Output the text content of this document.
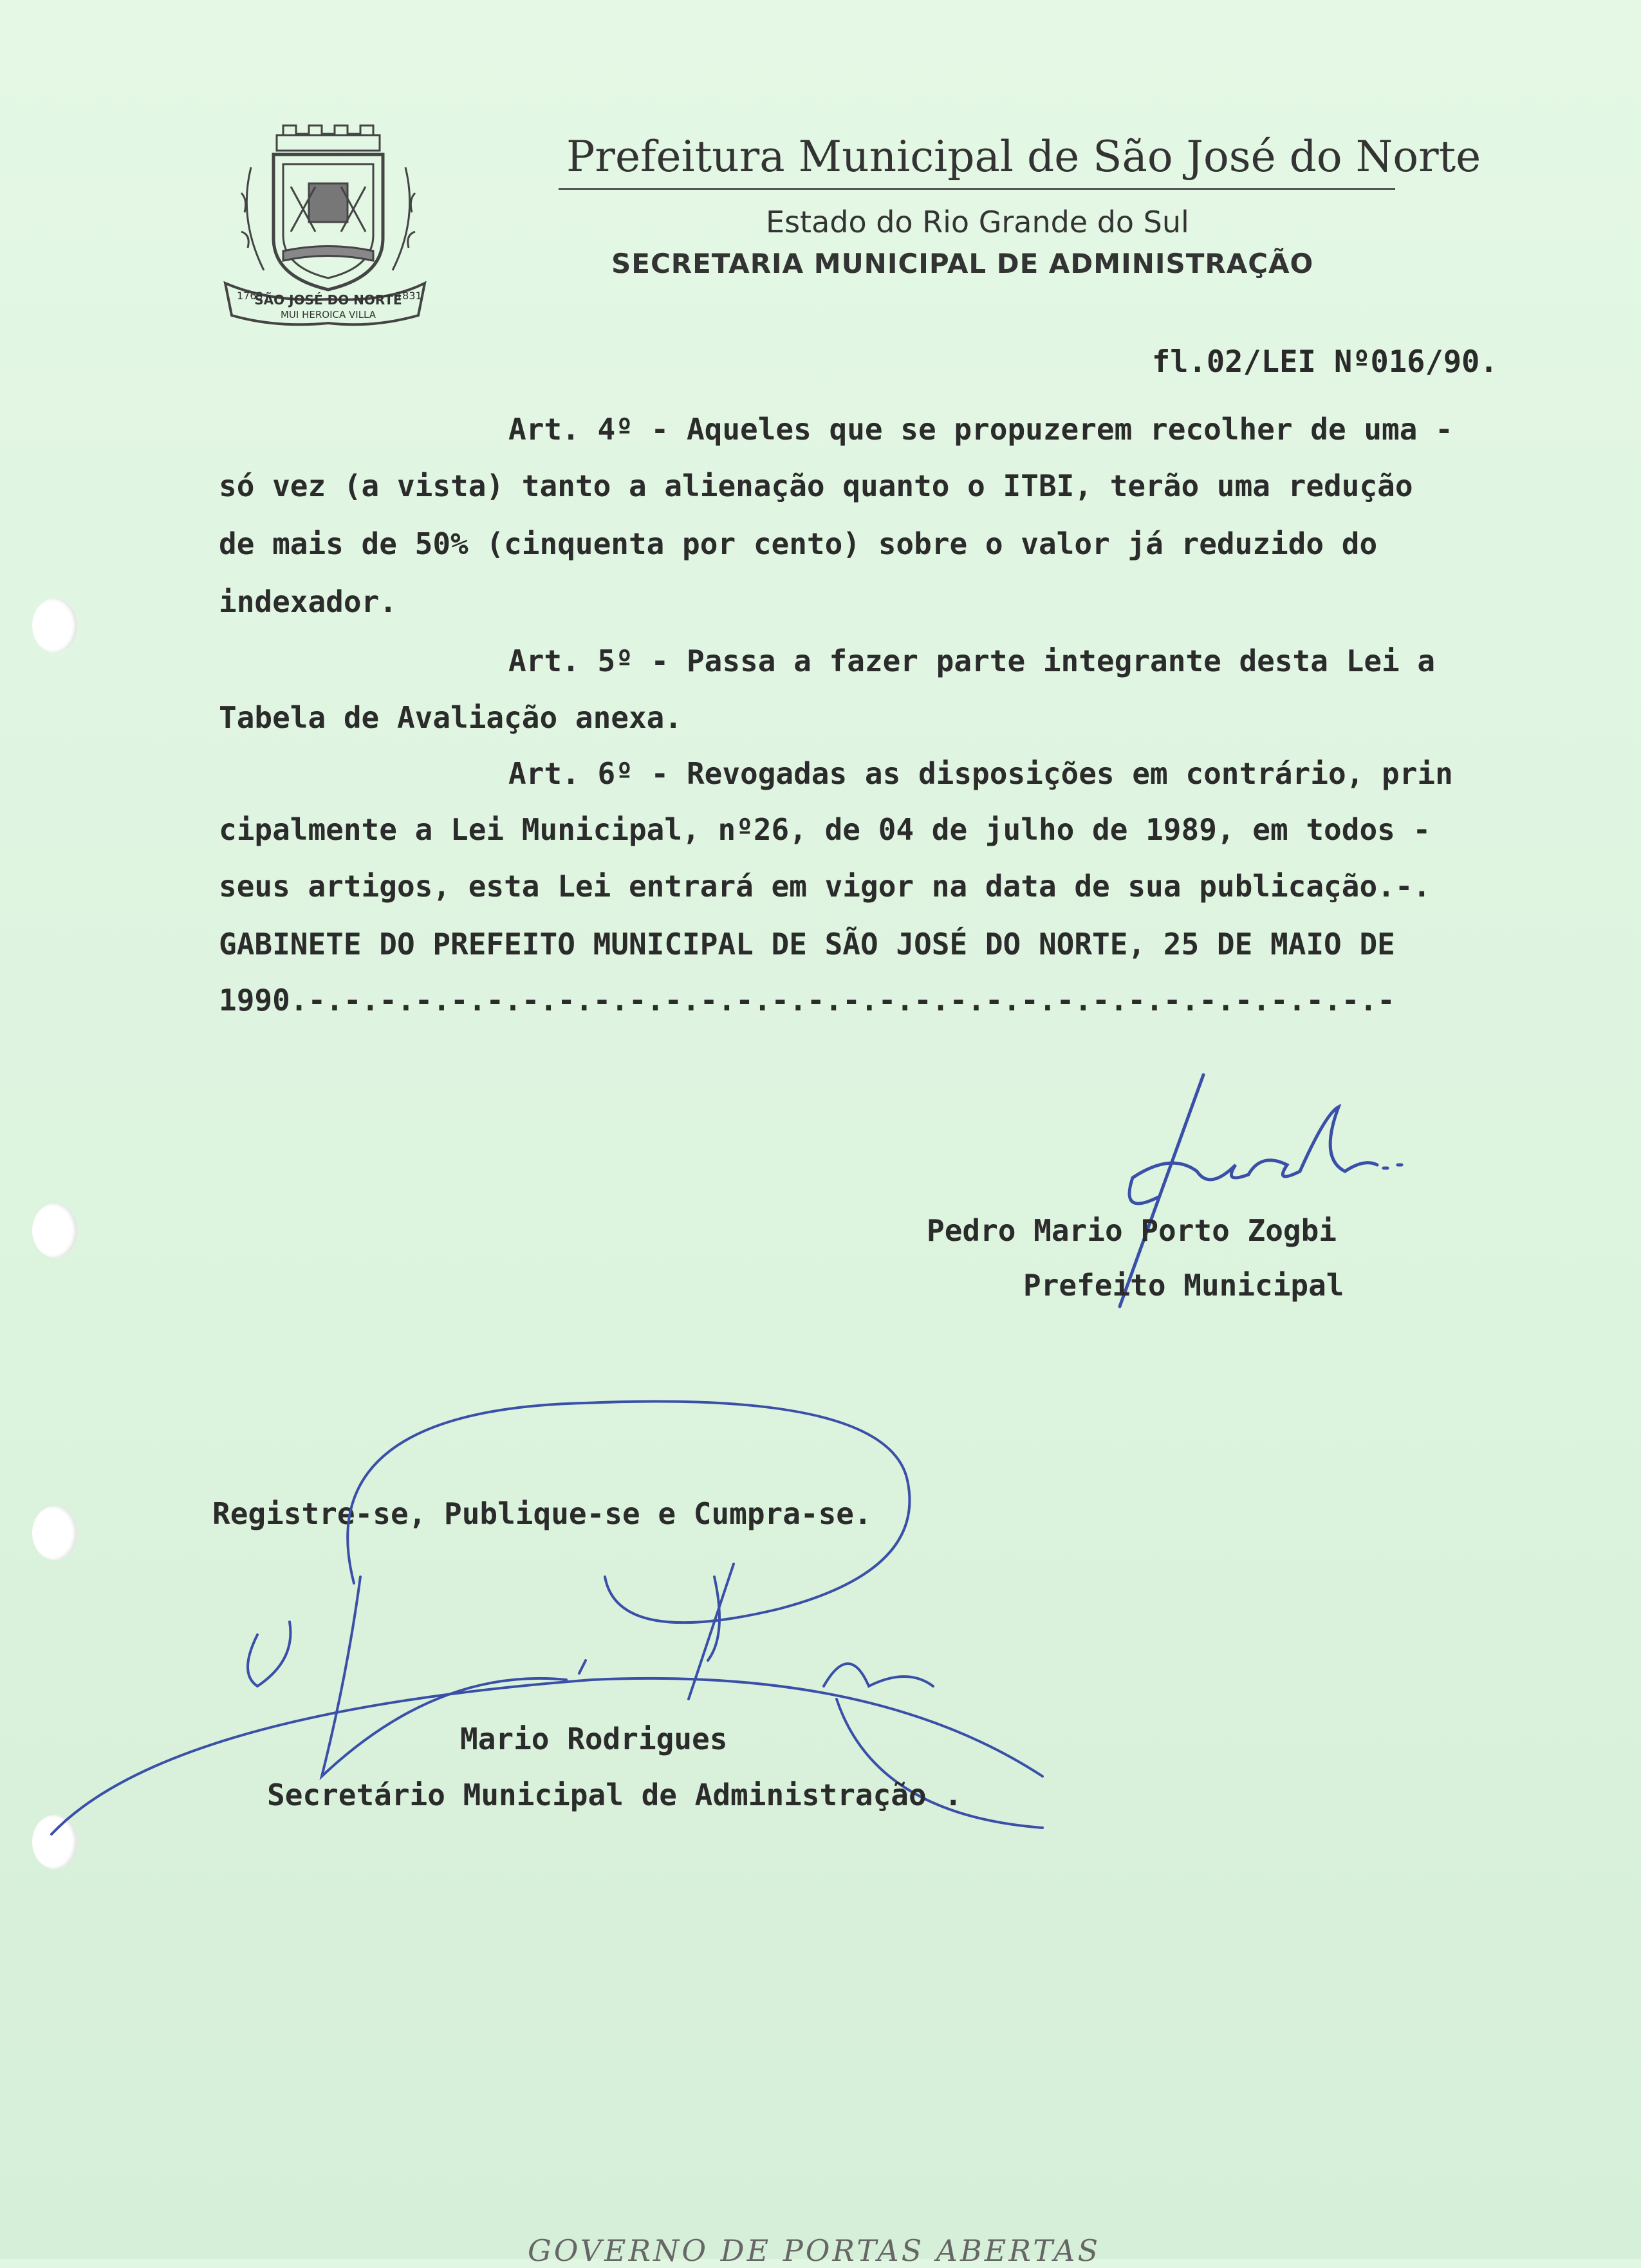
SÃO JOSÉ DO NORTE
MUI HEROICA VILLA
1763	1831
Prefeitura Municipal de São José do Norte
Estado do Rio Grande do Sul
SECRETARIA MUNICIPAL DE ADMINISTRAÇÃO
fl.02/LEI Nº016/90.
Art. 4º - Aqueles que se propuzerem recolher de uma -
só vez (a vista) tanto a alienação quanto o ITBI, terão uma redução
de mais de 50% (cinquenta por cento) sobre o valor já reduzido do
indexador.
Art. 5º - Passa a fazer parte integrante desta Lei a
Tabela de Avaliação anexa.
Art. 6º - Revogadas as disposições em contrário, prin
cipalmente a Lei Municipal, nº26, de 04 de julho de 1989, em todos -
seus artigos, esta Lei entrará em vigor na data de sua publicação.-.
GABINETE DO PREFEITO MUNICIPAL DE SÃO JOSÉ DO NORTE, 25 DE MAIO DE
1990.-.-.-.-.-.-.-.-.-.-.-.-.-.-.-.-.-.-.-.-.-.-.-.-.-.-.-.-.-.-.-
Pedro Mario Porto Zogbi
Prefeito Municipal
Registre-se, Publique-se e Cumpra-se.
Mario Rodrigues
Secretário Municipal de Administração .
GOVERNO DE PORTAS ABERTAS
